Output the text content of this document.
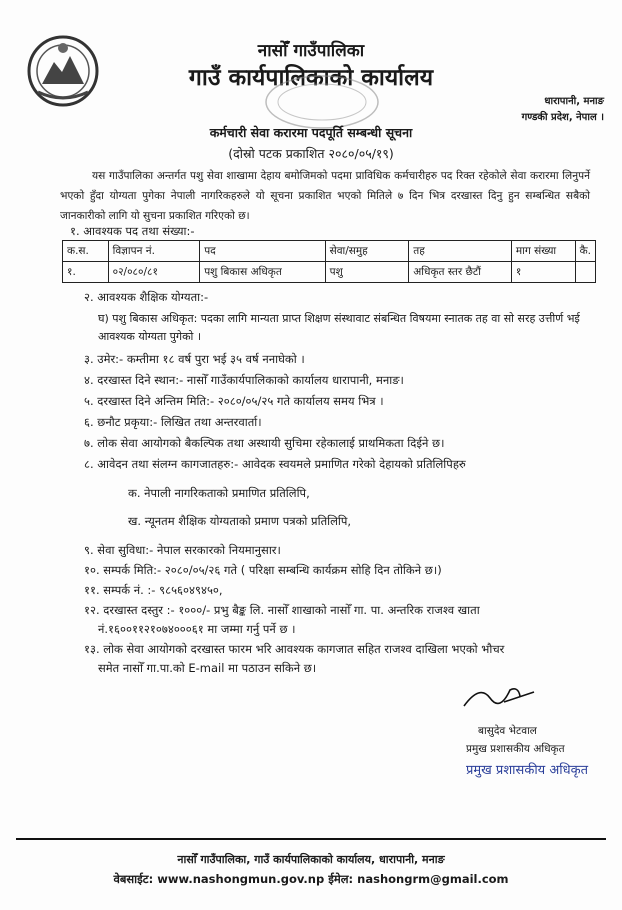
नासोँ गाउँपालिका
गाउँ कार्यपालिकाको कार्यालय
धारापानी, मनाङ
गण्डकी प्रदेश, नेपाल ।
कर्मचारी सेवा करारमा पदपूर्ति सम्बन्धी सूचना
(दोस्रो पटक प्रकाशित २०८०/०५/१९)
यस गाउँपालिका अन्तर्गत पशु सेवा शाखामा देहाय बमोजिमको पदमा प्राविधिक कर्मचारीहरु पद रिक्त रहेकोले सेवा करारमा लिनुपर्ने भएको हुँदा योग्यता पुगेका नेपाली नागरिकहरुले यो सूचना प्रकाशित भएको मितिले ७ दिन भित्र दरखास्त दिनु हुन सम्बन्धित सबैको जानकारीको लागि यो सुचना प्रकाशित गरिएको छ।
१. आवश्यक पद तथा संख्या:-
क.स.	विज्ञापन नं.	पद	सेवा/समुह	तह	माग संख्या	कै.
१.	०२/०८०/८१	पशु बिकास अधिकृत	पशु	अधिकृत स्तर छैटौं	१	
२. आवश्यक शैक्षिक योग्यता:-
घ) पशु बिकास अधिकृत: पदका लागि मान्यता प्राप्त शिक्षण संस्थावाट संबन्धित विषयमा स्नातक तह वा सो सरह उत्तीर्ण भई आवश्यक योग्यता पुगेको ।
३. उमेर:- कम्तीमा १८ वर्ष पुरा भई ३५ वर्ष ननाघेको ।
४. दरखास्त दिने स्थान:- नासोँ गाउँकार्यपालिकाको कार्यालय धारापानी, मनाङ।
५. दरखास्त दिने अन्तिम मिति:- २०८०/०५/२५ गते कार्यालय समय भित्र ।
६. छनौट प्रकृया:- लिखित तथा अन्तरवार्ता।
७. लोक सेवा आयोगको बैकल्पिक तथा अस्थायी सुचिमा रहेकालाई प्राथमिकता दिईने छ।
८. आवेदन तथा संलग्न कागजातहरु:- आवेदक स्वयमले प्रमाणित गरेको देहायको प्रतिलिपिहरु
क. नेपाली नागरिकताको प्रमाणित प्रतिलिपि,
ख. न्यूनतम शैक्षिक योग्यताको प्रमाण पत्रको प्रतिलिपि,
९. सेवा सुविधा:- नेपाल सरकारको नियमानुसार।
१०. सम्पर्क मिति:- २०८०/०५/२६ गते ( परिक्षा सम्बन्धि कार्यक्रम सोहि दिन तोकिने छ।)
११. सम्पर्क नं. :- ९८५६०४९४५०,
१२. दरखास्त दस्तुर :- १०००/- प्रभु बैङ्क लि. नासोँ शाखाको नासोँ गा. पा. अन्तरिक राजश्व खाता
नं.१६००११२१०७४०००६१ मा जम्मा गर्नु पर्ने छ ।
१३. लोक सेवा आयोगको दरखास्त फारम भरि आवश्यक कागजात सहित राजश्व दाखिला भएको भौचर
समेत नासोँ गा.पा.को E-mail मा पठाउन सकिने छ।
बासुदेव भेटवाल
प्रमुख प्रशासकीय अधिकृत
प्रमुख प्रशासकीय अधिकृत
नासोँ गाउँपालिका, गाउँ कार्यपालिकाको कार्यालय, धारापानी, मनाङ
वेबसाईट: www.nashongmun.gov.np ईमेल: nashongrm@gmail.com
